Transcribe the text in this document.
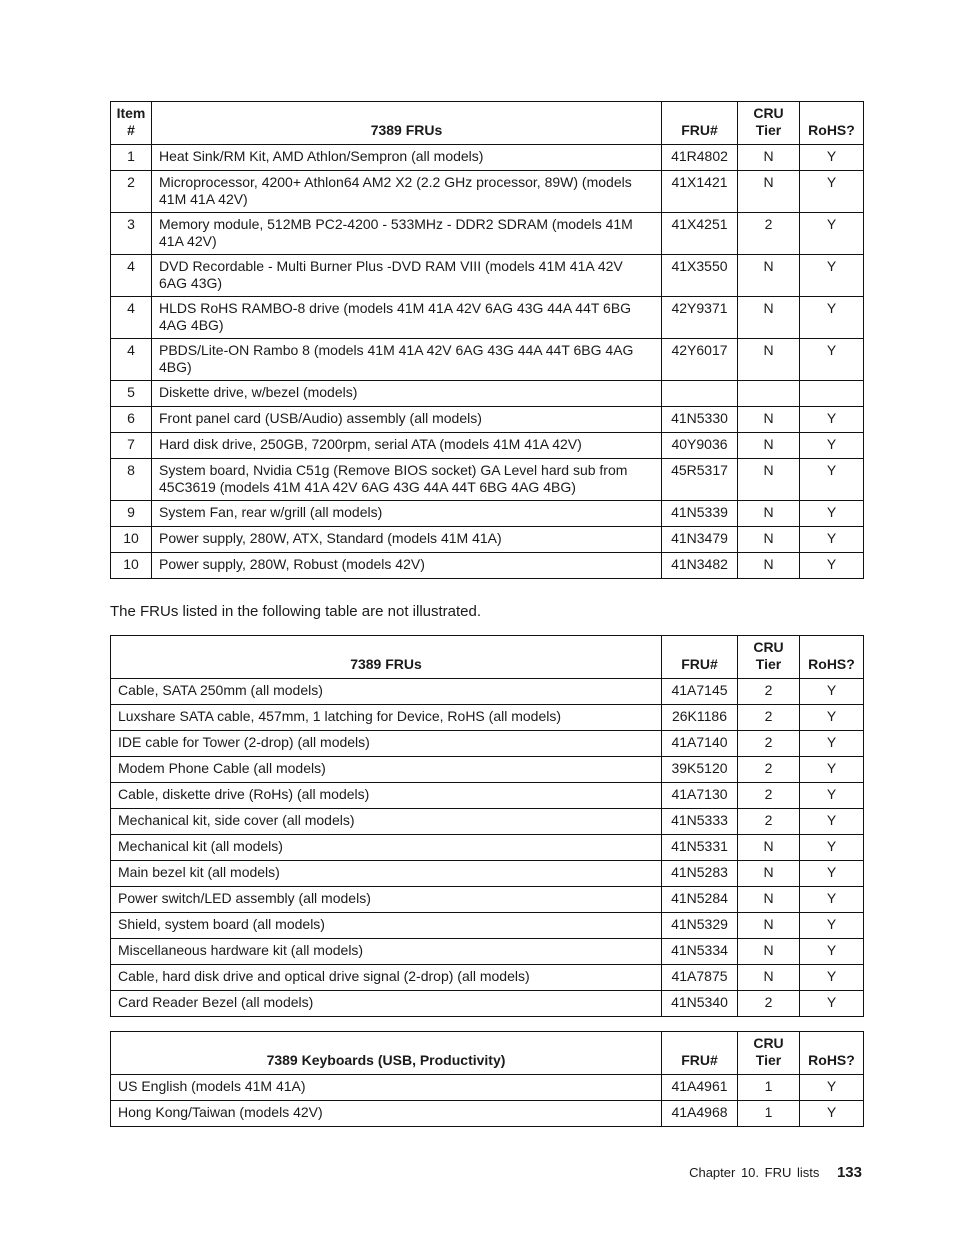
Item #	7389 FRUs	FRU#	CRU Tier	RoHS?
1	Heat Sink/RM Kit, AMD Athlon/Sempron (all models)	41R4802	N	Y
2	Microprocessor, 4200+ Athlon64 AM2 X2 (2.2 GHz processor, 89W) (models 41M 41A 42V)	41X1421	N	Y
3	Memory module, 512MB PC2-4200 - 533MHz - DDR2 SDRAM (models 41M 41A 42V)	41X4251	2	Y
4	DVD Recordable - Multi Burner Plus -DVD RAM VIII (models 41M 41A 42V 6AG 43G)	41X3550	N	Y
4	HLDS RoHS RAMBO-8 drive (models 41M 41A 42V 6AG 43G 44A 44T 6BG 4AG 4BG)	42Y9371	N	Y
4	PBDS/Lite-ON Rambo 8 (models 41M 41A 42V 6AG 43G 44A 44T 6BG 4AG 4BG)	42Y6017	N	Y
5	Diskette drive, w/bezel (models)			
6	Front panel card (USB/Audio) assembly (all models)	41N5330	N	Y
7	Hard disk drive, 250GB, 7200rpm, serial ATA (models 41M 41A 42V)	40Y9036	N	Y
8	System board, Nvidia C51g (Remove BIOS socket) GA Level hard sub from 45C3619 (models 41M 41A 42V 6AG 43G 44A 44T 6BG 4AG 4BG)	45R5317	N	Y
9	System Fan, rear w/grill (all models)	41N5339	N	Y
10	Power supply, 280W, ATX, Standard (models 41M 41A)	41N3479	N	Y
10	Power supply, 280W, Robust (models 42V)	41N3482	N	Y
The FRUs listed in the following table are not illustrated.
7389 FRUs	FRU#	CRU Tier	RoHS?
Cable, SATA 250mm (all models)	41A7145	2	Y
Luxshare SATA cable, 457mm, 1 latching for Device, RoHS (all models)	26K1186	2	Y
IDE cable for Tower (2-drop) (all models)	41A7140	2	Y
Modem Phone Cable (all models)	39K5120	2	Y
Cable, diskette drive (RoHs) (all models)	41A7130	2	Y
Mechanical kit, side cover (all models)	41N5333	2	Y
Mechanical kit (all models)	41N5331	N	Y
Main bezel kit (all models)	41N5283	N	Y
Power switch/LED assembly (all models)	41N5284	N	Y
Shield, system board (all models)	41N5329	N	Y
Miscellaneous hardware kit (all models)	41N5334	N	Y
Cable, hard disk drive and optical drive signal (2-drop) (all models)	41A7875	N	Y
Card Reader Bezel (all models)	41N5340	2	Y
7389 Keyboards (USB, Productivity)	FRU#	CRU Tier	RoHS?
US English (models 41M 41A)	41A4961	1	Y
Hong Kong/Taiwan (models 42V)	41A4968	1	Y
Chapter 10. FRU lists 133
